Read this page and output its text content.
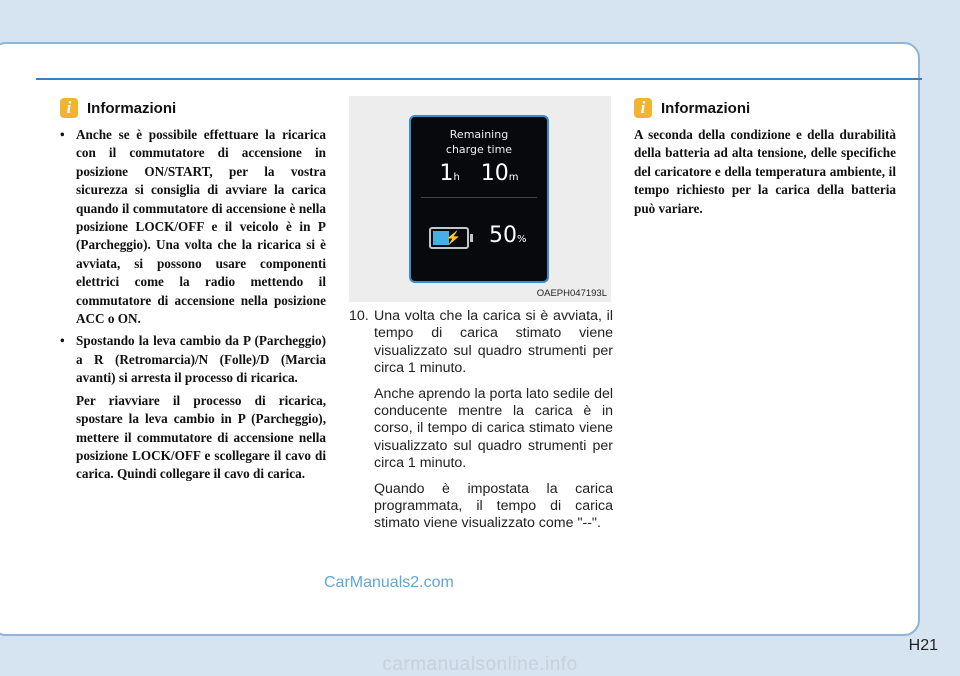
i	Informazioni
• Anche se è possibile effettuare la ricarica con il commutatore di accensione in posizione ON/START, per la vostra sicurezza si consiglia di avviare la carica quando il commutatore di accensione è nella posizione LOCK/OFF e il veicolo è in P (Parcheggio). Una volta che la ricarica si è avviata, si possono usare componenti elettrici come la radio mettendo il commutatore di accensione nella posizione ACC o ON.
• Spostando la leva cambio da P (Parcheggio) a R (Retromarcia)/N (Folle)/D (Marcia avanti) si arresta il processo di ricarica.
Per riavviare il processo di ricarica, spostare la leva cambio in P (Parcheggio), mettere il commutatore di accensione nella posizione LOCK/OFF e scollegare il cavo di carica. Quindi collegare il cavo di carica.
Remaining
charge time
1h 10m
⚡ 50%
OAEPH047193L
10. Una volta che la carica si è avviata, il tempo di carica stimato viene visualizzato sul quadro strumenti per circa 1 minuto.
Anche aprendo la porta lato sedile del conducente mentre la carica è in corso, il tempo di carica stimato viene visualizzato sul quadro strumenti per circa 1 minuto.
Quando è impostata la carica programmata, il tempo di carica stimato viene visualizzato come "--".
i	Informazioni
A seconda della condizione e della durabilità della batteria ad alta tensione, delle specifiche del caricatore e della temperatura ambiente, il tempo richiesto per la carica della batteria può variare.
CarManuals2.com
H21
carmanualsonline.info
